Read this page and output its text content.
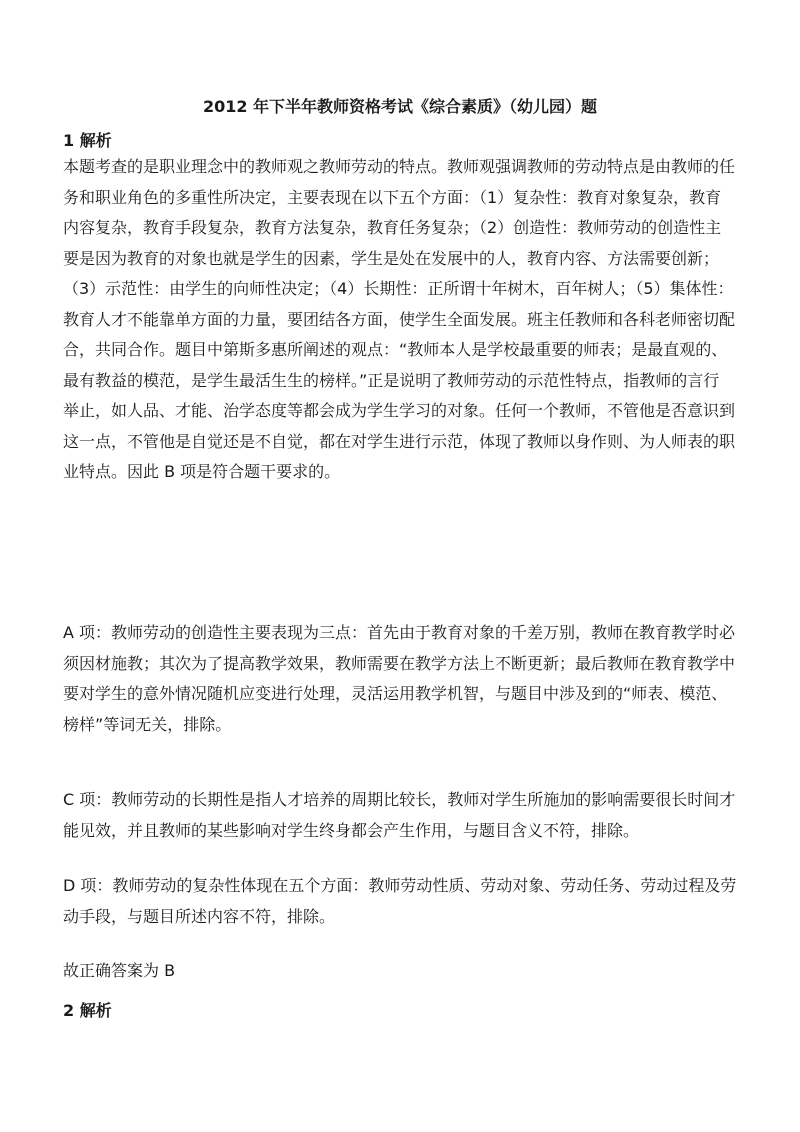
2012 年下半年教师资格考试《综合素质》（幼儿园）题
1 解析

本题考查的是职业理念中的教师观之教师劳动的特点。教师观强调教师的劳动特点是由教师的任

务和职业角色的多重性所决定，主要表现在以下五个方面：（1）复杂性：教育对象复杂，教育

内容复杂，教育手段复杂，教育方法复杂，教育任务复杂；（2）创造性：教师劳动的创造性主

要是因为教育的对象也就是学生的因素，学生是处在发展中的人，教育内容、方法需要创新；

（3）示范性：由学生的向师性决定；（4）长期性：正所谓十年树木，百年树人；（5）集体性：

教育人才不能靠单方面的力量，要团结各方面，使学生全面发展。班主任教师和各科老师密切配

合，共同合作。题目中第斯多惠所阐述的观点：“教师本人是学校最重要的师表；是最直观的、

最有教益的模范，是学生最活生生的榜样。”正是说明了教师劳动的示范性特点，指教师的言行

举止，如人品、才能、治学态度等都会成为学生学习的对象。任何一个教师，不管他是否意识到

这一点，不管他是自觉还是不自觉，都在对学生进行示范，体现了教师以身作则、为人师表的职

业特点。因此 B 项是符合题干要求的。

A 项：教师劳动的创造性主要表现为三点：首先由于教育对象的千差万别，教师在教育教学时必

须因材施教；其次为了提高教学效果，教师需要在教学方法上不断更新；最后教师在教育教学中

要对学生的意外情况随机应变进行处理，灵活运用教学机智，与题目中涉及到的“师表、模范、

榜样”等词无关，排除。

C 项：教师劳动的长期性是指人才培养的周期比较长，教师对学生所施加的影响需要很长时间才

能见效，并且教师的某些影响对学生终身都会产生作用，与题目含义不符，排除。

D 项：教师劳动的复杂性体现在五个方面：教师劳动性质、劳动对象、劳动任务、劳动过程及劳

动手段，与题目所述内容不符，排除。

故正确答案为 B

2 解析
